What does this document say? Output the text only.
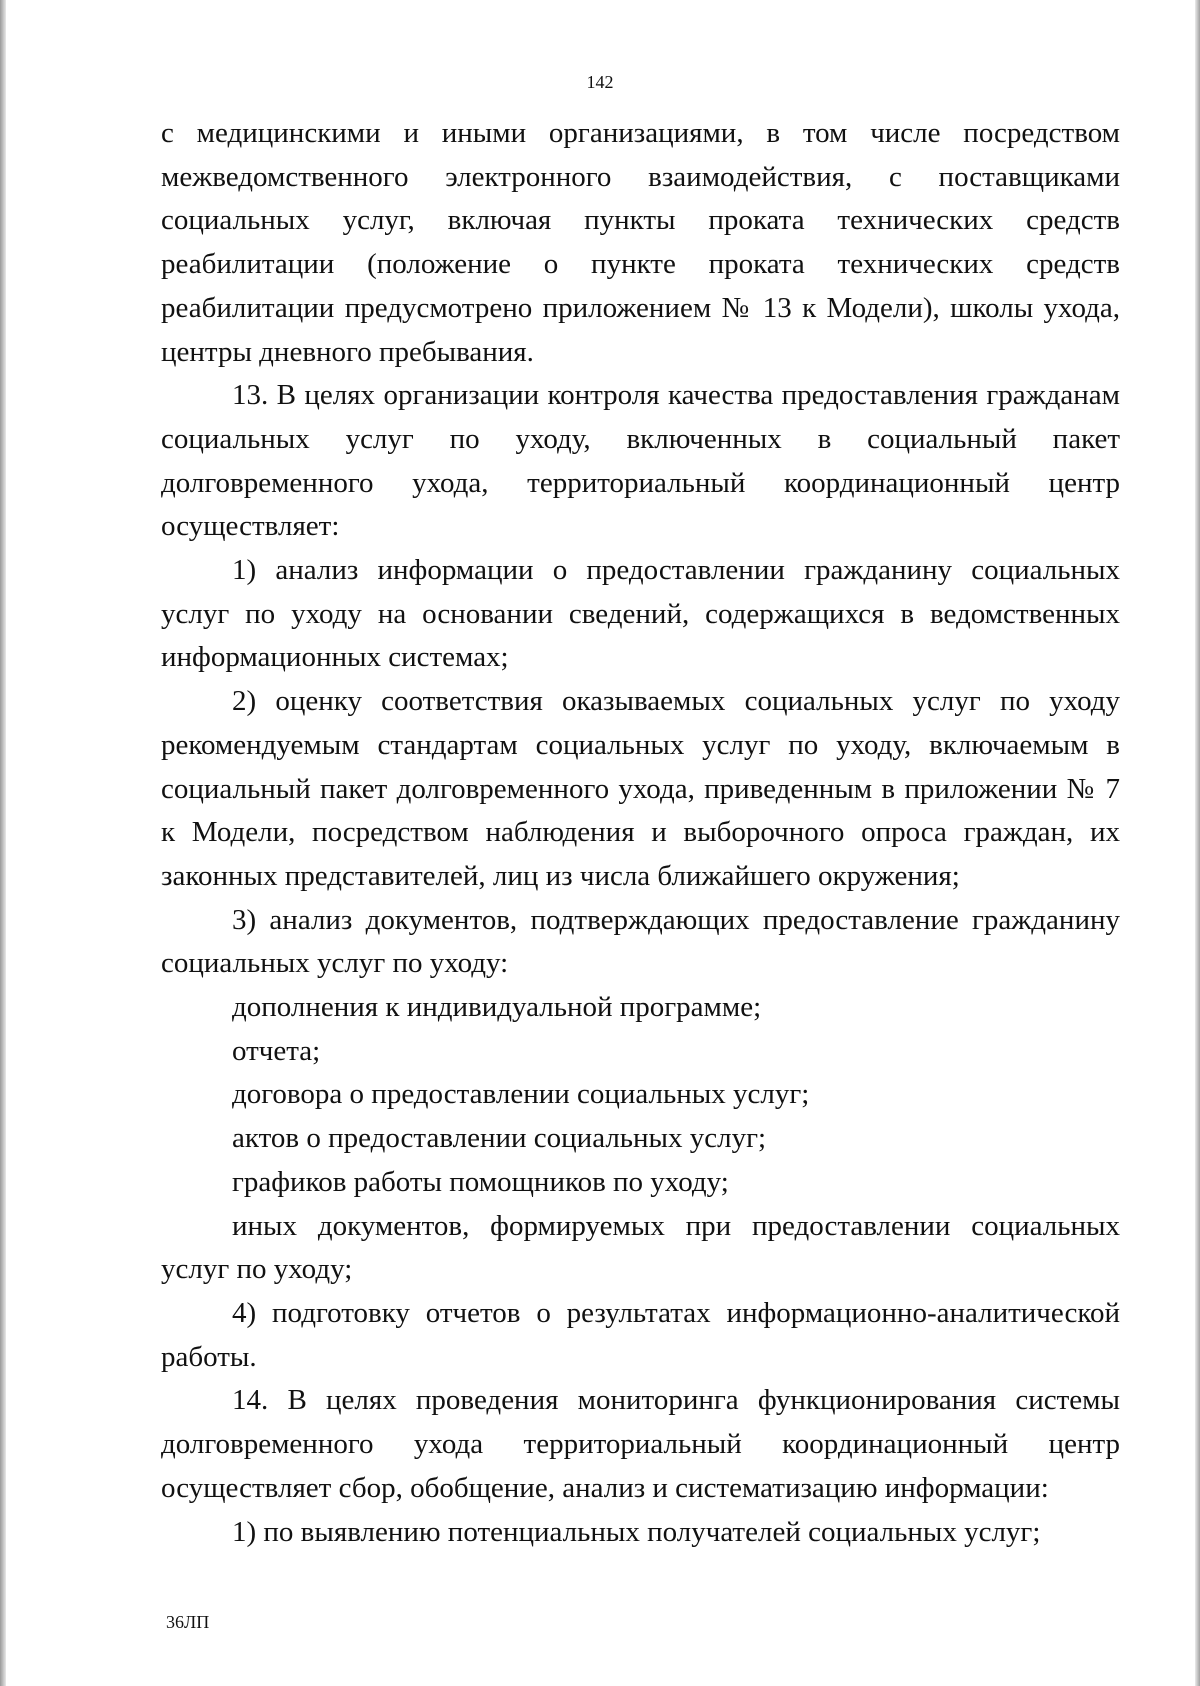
142

с медицинскими и иными организациями, в том числе посредством межведомственного электронного взаимодействия, с поставщиками социальных услуг, включая пункты проката технических средств реабилитации (положение о пункте проката технических средств реабилитации предусмотрено приложением № 13 к Модели), школы ухода, центры дневного пребывания.

13. В целях организации контроля качества предоставления гражданам социальных услуг по уходу, включенных в социальный пакет долговременного ухода, территориальный координационный центр осуществляет:

1) анализ информации о предоставлении гражданину социальных услуг по уходу на основании сведений, содержащихся в ведомственных информационных системах;

2) оценку соответствия оказываемых социальных услуг по уходу рекомендуемым стандартам социальных услуг по уходу, включаемым в социальный пакет долговременного ухода, приведенным в приложении № 7 к Модели, посредством наблюдения и выборочного опроса граждан, их законных представителей, лиц из числа ближайшего окружения;

3) анализ документов, подтверждающих предоставление гражданину социальных услуг по уходу:

дополнения к индивидуальной программе;

отчета;

договора о предоставлении социальных услуг;

актов о предоставлении социальных услуг;

графиков работы помощников по уходу;

иных документов, формируемых при предоставлении социальных услуг по уходу;

4) подготовку отчетов о результатах информационно-аналитической работы.

14. В целях проведения мониторинга функционирования системы долговременного ухода территориальный координационный центр осуществляет сбор, обобщение, анализ и систематизацию информации:

1) по выявлению потенциальных получателей социальных услуг;

36ЛП
